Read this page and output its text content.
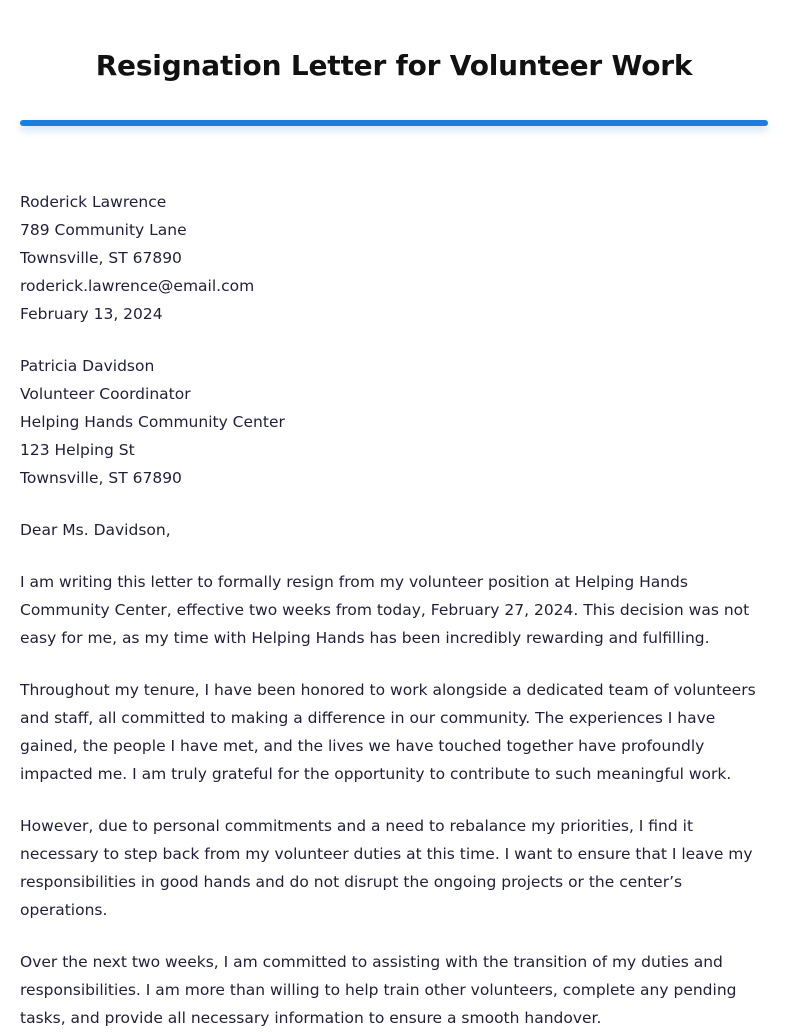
Resignation Letter for Volunteer Work
Roderick Lawrence
789 Community Lane
Townsville, ST 67890
roderick.lawrence@email.com
February 13, 2024
Patricia Davidson
Volunteer Coordinator
Helping Hands Community Center
123 Helping St
Townsville, ST 67890
Dear Ms. Davidson,

I am writing this letter to formally resign from my volunteer position at Helping Hands Community Center, effective two weeks from today, February 27, 2024. This decision was not easy for me, as my time with Helping Hands has been incredibly rewarding and fulfilling.

Throughout my tenure, I have been honored to work alongside a dedicated team of volunteers and staff, all committed to making a difference in our community. The experiences I have gained, the people I have met, and the lives we have touched together have profoundly impacted me. I am truly grateful for the opportunity to contribute to such meaningful work.

However, due to personal commitments and a need to rebalance my priorities, I find it necessary to step back from my volunteer duties at this time. I want to ensure that I leave my responsibilities in good hands and do not disrupt the ongoing projects or the center’s operations.

Over the next two weeks, I am committed to assisting with the transition of my duties and responsibilities. I am more than willing to help train other volunteers, complete any pending tasks, and provide all necessary information to ensure a smooth handover.
